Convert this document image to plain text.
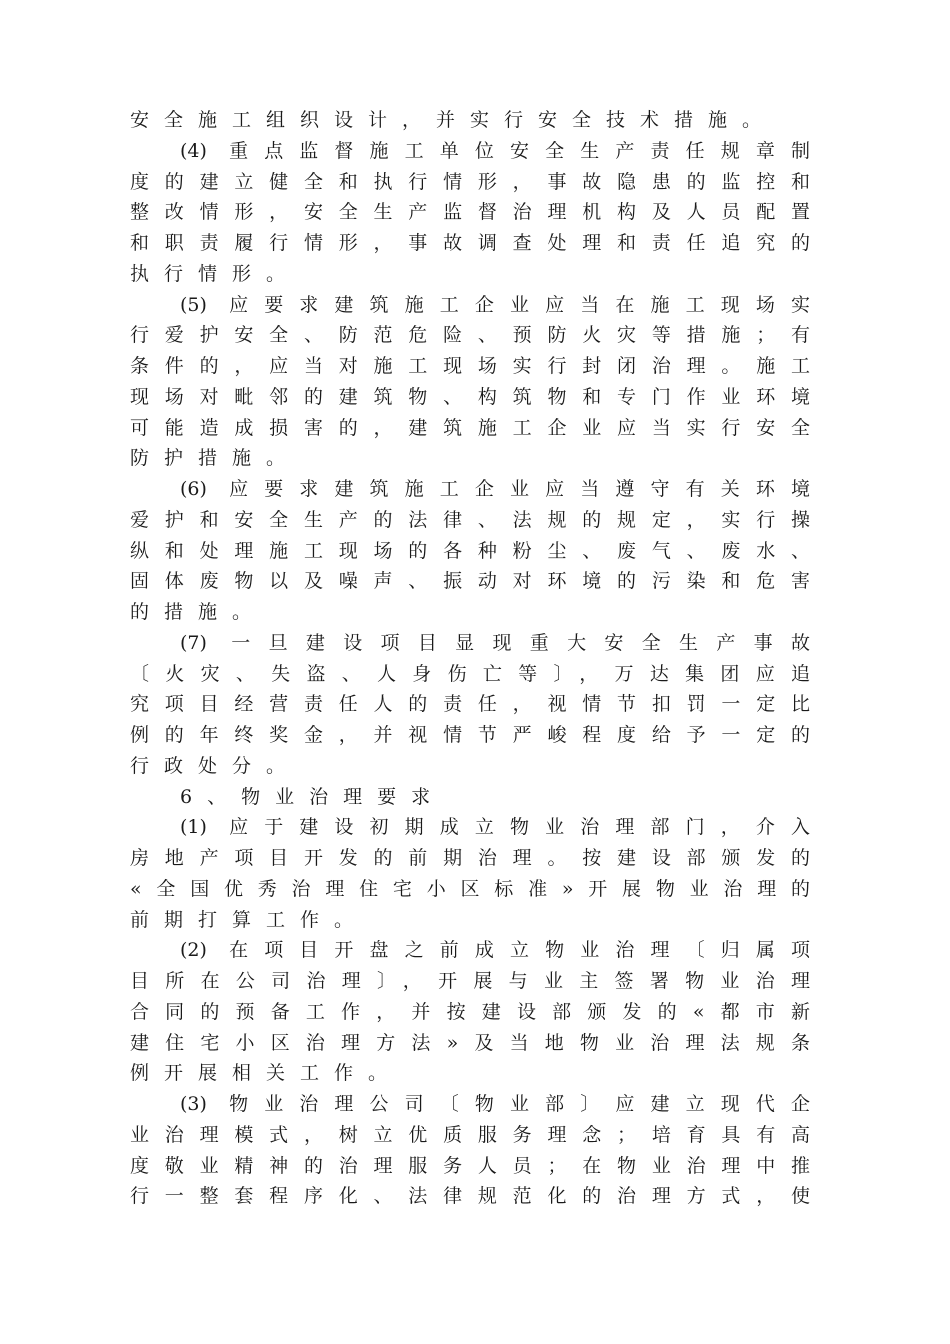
安全施工组织设计，并实行安全技术措施。
(4) 重点监督施工单位安全生产责任规章制
度的建立健全和执行情形，事故隐患的监控和
整改情形，安全生产监督治理机构及人员配置
和职责履行情形，事故调查处理和责任追究的
执行情形。
(5) 应要求建筑施工企业应当在施工现场实
行爱护安全、防范危险、预防火灾等措施；有
条件的，应当对施工现场实行封闭治理。施工
现场对毗邻的建筑物、构筑物和专门作业环境
可能造成损害的，建筑施工企业应当实行安全
防护措施。
(6) 应要求建筑施工企业应当遵守有关环境
爱护和安全生产的法律、法规的规定，实行操
纵和处理施工现场的各种粉尘、废气、废水、
固体废物以及噪声、振动对环境的污染和危害
的措施。
(7) 一旦建设项目显现重大安全生产事故
〔火灾、失盗、人身伤亡等〕，万达集团应追
究项目经营责任人的责任，视情节扣罚一定比
例的年终奖金，并视情节严峻程度给予一定的
行政处分。
6、物业治理要求
(1) 应于建设初期成立物业治理部门，介入
房地产项目开发的前期治理。按建设部颁发的
«全国优秀治理住宅小区标准»开展物业治理的
前期打算工作。
(2) 在项目开盘之前成立物业治理〔归属项
目所在公司治理〕，开展与业主签署物业治理
合同的预备工作，并按建设部颁发的«都市新
建住宅小区治理方法»及当地物业治理法规条
例开展相关工作。
(3) 物业治理公司〔物业部〕应建立现代企
业治理模式，树立优质服务理念；培育具有高
度敬业精神的治理服务人员；在物业治理中推
行一整套程序化、法律规范化的治理方式，使
